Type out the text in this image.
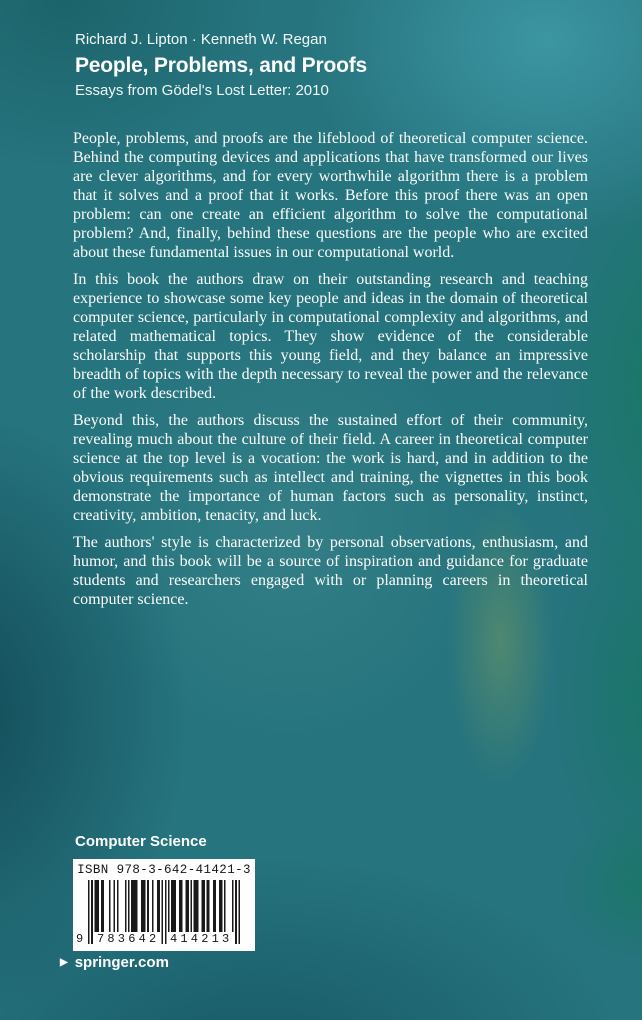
Richard J. Lipton · Kenneth W. Regan
People, Problems, and Proofs
Essays from Gödel's Lost Letter: 2010

People, problems, and proofs are the lifeblood of theoretical computer science. Behind the computing devices and applications that have transformed our lives are clever algorithms, and for every worthwhile algorithm there is a problem that it solves and a proof that it works. Before this proof there was an open problem: can one create an efficient algorithm to solve the computational problem? And, finally, behind these questions are the people who are excited about these fundamental issues in our computational world.

In this book the authors draw on their outstanding research and teaching experience to showcase some key people and ideas in the domain of theoretical computer science, particularly in computational complexity and algorithms, and related mathematical topics. They show evidence of the considerable scholarship that supports this young field, and they balance an impressive breadth of topics with the depth necessary to reveal the power and the relevance of the work described.

Beyond this, the authors discuss the sustained effort of their community, revealing much about the culture of their field. A career in theoretical computer science at the top level is a vocation: the work is hard, and in addition to the obvious requirements such as intellect and training, the vignettes in this book demonstrate the importance of human factors such as personality, instinct, creativity, ambition, tenacity, and luck.

The authors' style is characterized by personal observations, enthusiasm, and humor, and this book will be a source of inspiration and guidance for graduate students and researchers engaged with or planning careers in theoretical computer science.

Computer Science
ISBN 978-3-642-41421-3
9 783642 414213
▶ springer.com
